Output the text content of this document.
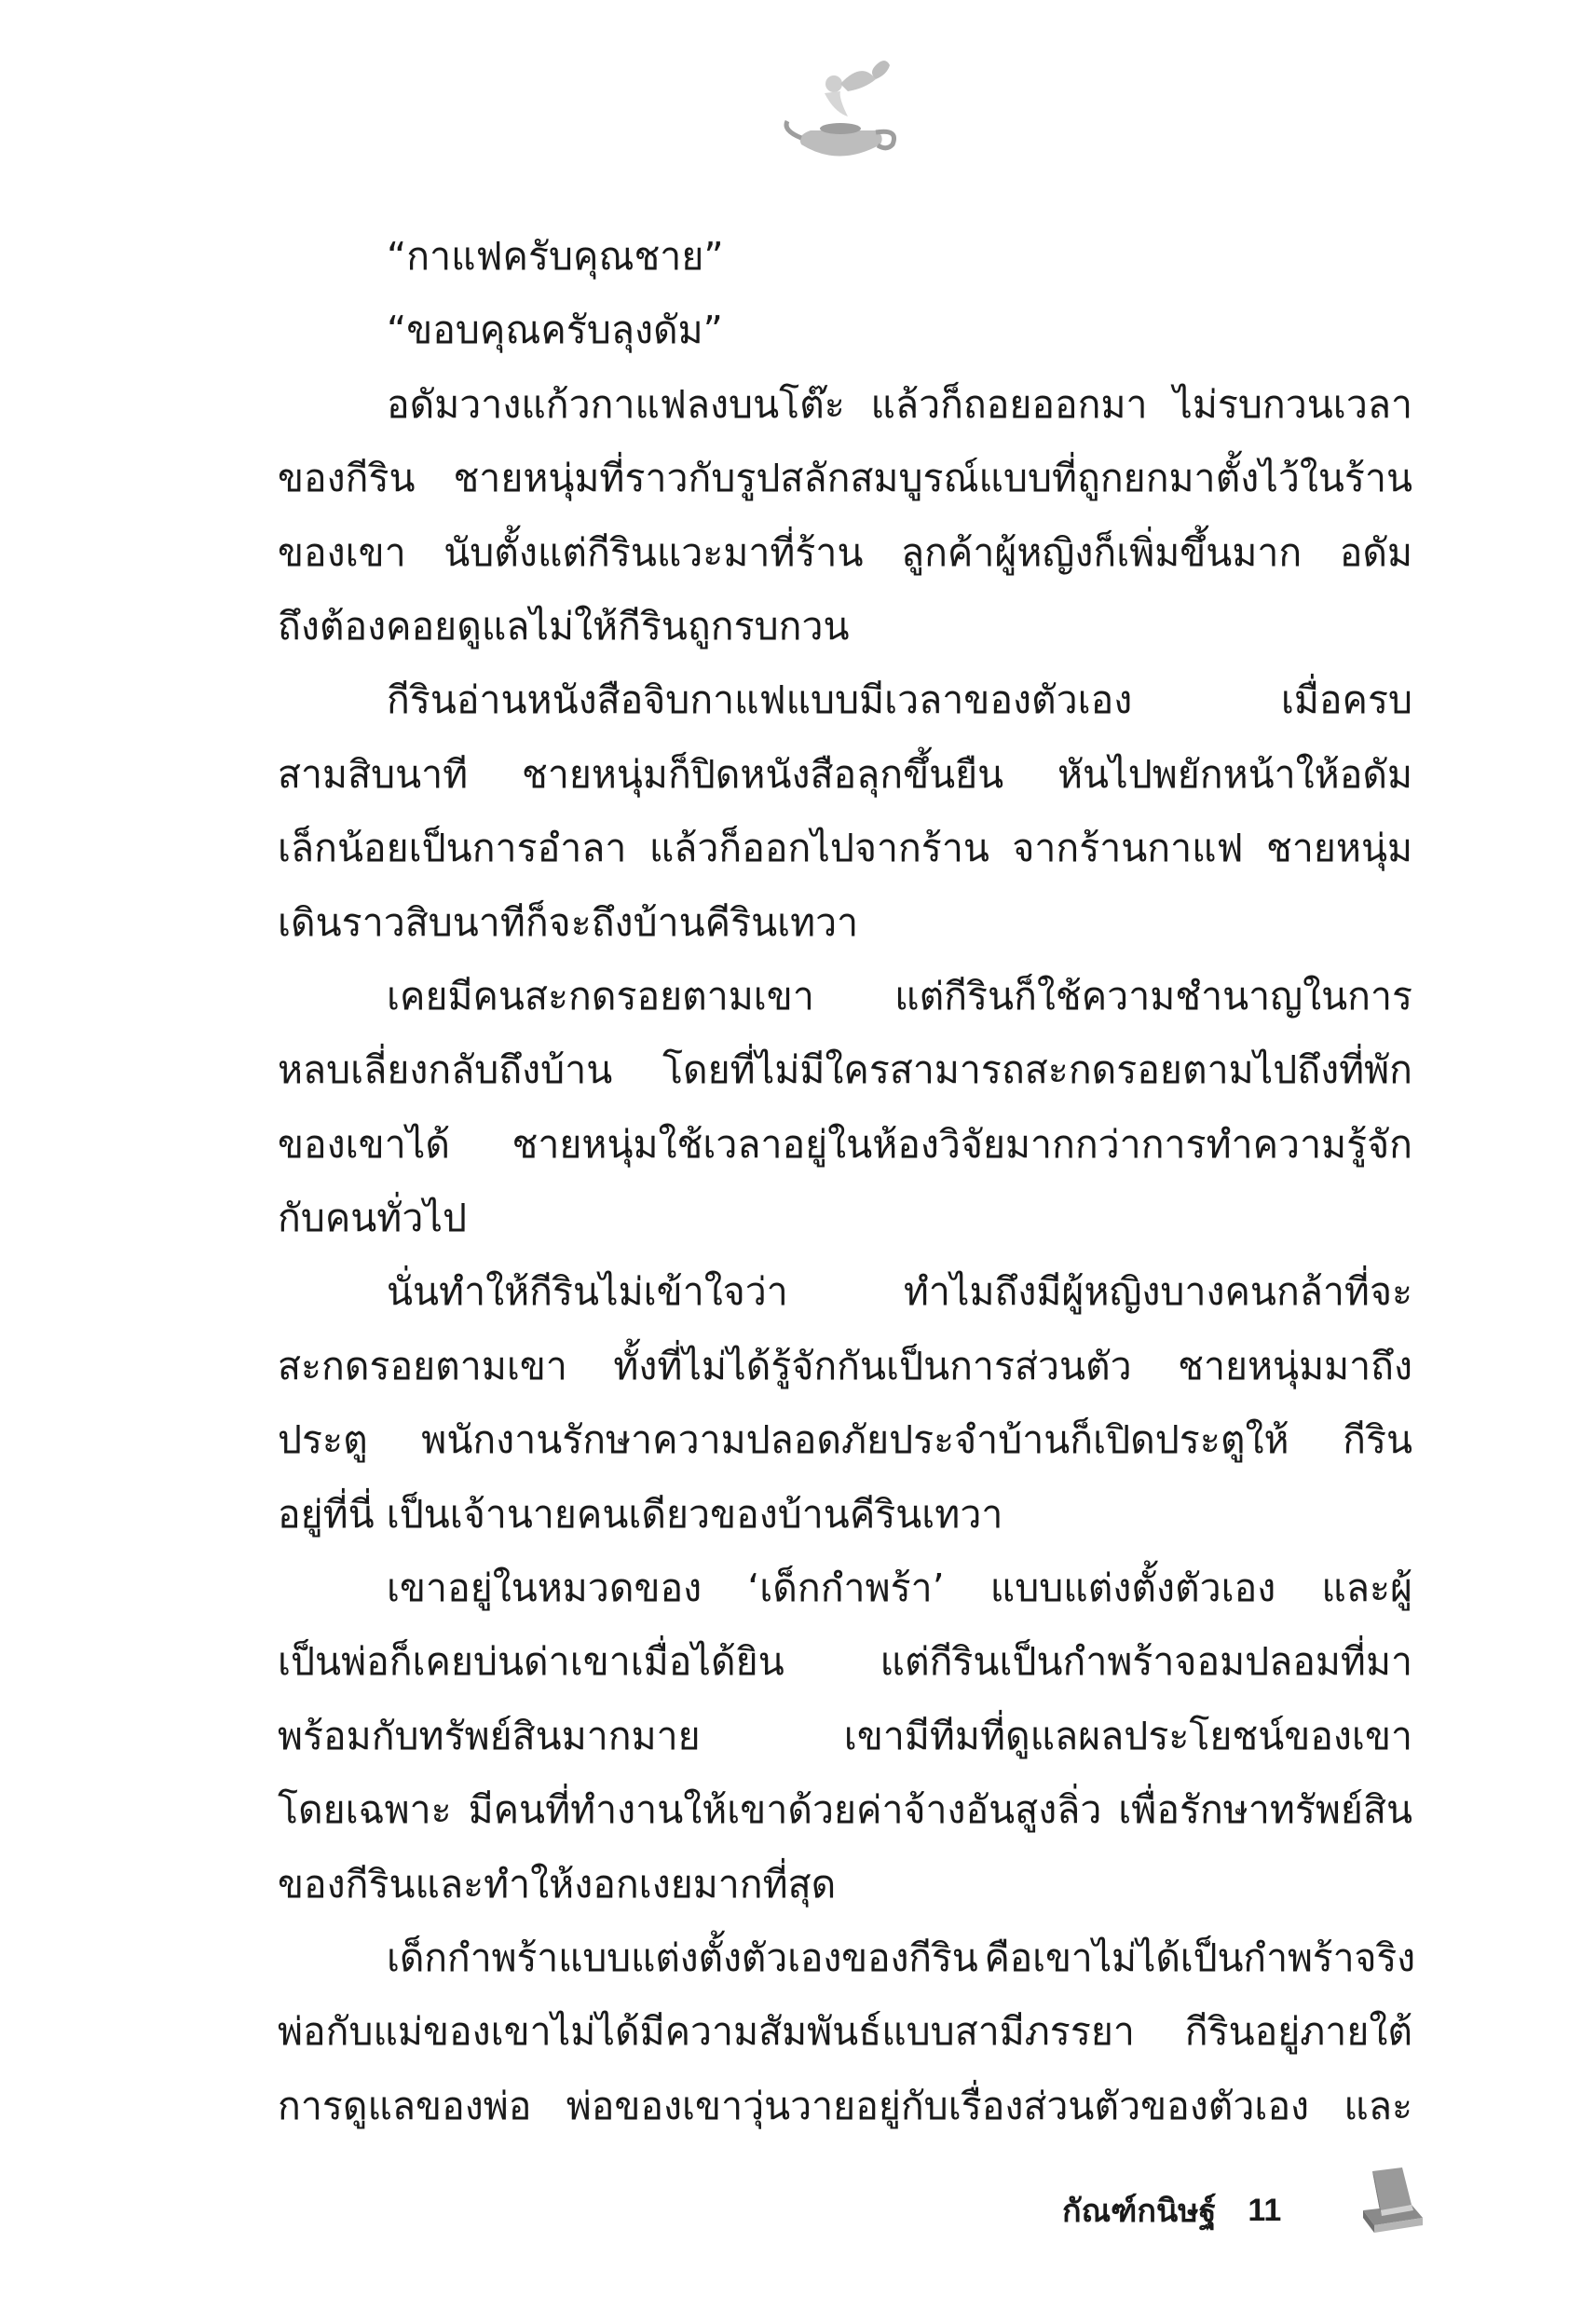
“กาแฟครับคุณชาย”
“ขอบคุณครับลุงดัม”
อดัมวางแก้วกาแฟลงบนโต๊ะ แล้วก็ถอยออกมา ไม่รบกวนเวลา
ของกีริน ชายหนุ่มที่ราวกับรูปสลักสมบูรณ์แบบที่ถูกยกมาตั้งไว้ในร้าน
ของเขา นับตั้งแต่กีรินแวะมาที่ร้าน ลูกค้าผู้หญิงก็เพิ่มขึ้นมาก อดัม
ถึงต้องคอยดูแลไม่ให้กีรินถูกรบกวน
กีรินอ่านหนังสือจิบกาแฟแบบมีเวลาของตัวเอง เมื่อครบ
สามสิบนาที ชายหนุ่มก็ปิดหนังสือลุกขึ้นยืน หันไปพยักหน้าให้อดัม
เล็กน้อยเป็นการอำลา แล้วก็ออกไปจากร้าน จากร้านกาแฟ ชายหนุ่ม
เดินราวสิบนาทีก็จะถึงบ้านคีรินเทวา
เคยมีคนสะกดรอยตามเขา แต่กีรินก็ใช้ความชำนาญในการ
หลบเลี่ยงกลับถึงบ้าน โดยที่ไม่มีใครสามารถสะกดรอยตามไปถึงที่พัก
ของเขาได้ ชายหนุ่มใช้เวลาอยู่ในห้องวิจัยมากกว่าการทำความรู้จัก
กับคนทั่วไป
นั่นทำให้กีรินไม่เข้าใจว่า ทำไมถึงมีผู้หญิงบางคนกล้าที่จะ
สะกดรอยตามเขา ทั้งที่ไม่ได้รู้จักกันเป็นการส่วนตัว ชายหนุ่มมาถึง
ประตู พนักงานรักษาความปลอดภัยประจำบ้านก็เปิดประตูให้ กีริน
อยู่ที่นี่ เป็นเจ้านายคนเดียวของบ้านคีรินเทวา
เขาอยู่ในหมวดของ ‘เด็กกำพร้า’ แบบแต่งตั้งตัวเอง และผู้
เป็นพ่อก็เคยบ่นด่าเขาเมื่อได้ยิน แต่กีรินเป็นกำพร้าจอมปลอมที่มา
พร้อมกับทรัพย์สินมากมาย เขามีทีมที่ดูแลผลประโยชน์ของเขา
โดยเฉพาะ มีคนที่ทำงานให้เขาด้วยค่าจ้างอันสูงลิ่ว เพื่อรักษาทรัพย์สิน
ของกีรินและทำให้งอกเงยมากที่สุด
เด็กกำพร้าแบบแต่งตั้งตัวเองของกีริน คือเขาไม่ได้เป็นกำพร้าจริง
พ่อกับแม่ของเขาไม่ได้มีความสัมพันธ์แบบสามีภรรยา กีรินอยู่ภายใต้
การดูแลของพ่อ พ่อของเขาวุ่นวายอยู่กับเรื่องส่วนตัวของตัวเอง และ
กัณฑ์กนิษฐ์ 11
